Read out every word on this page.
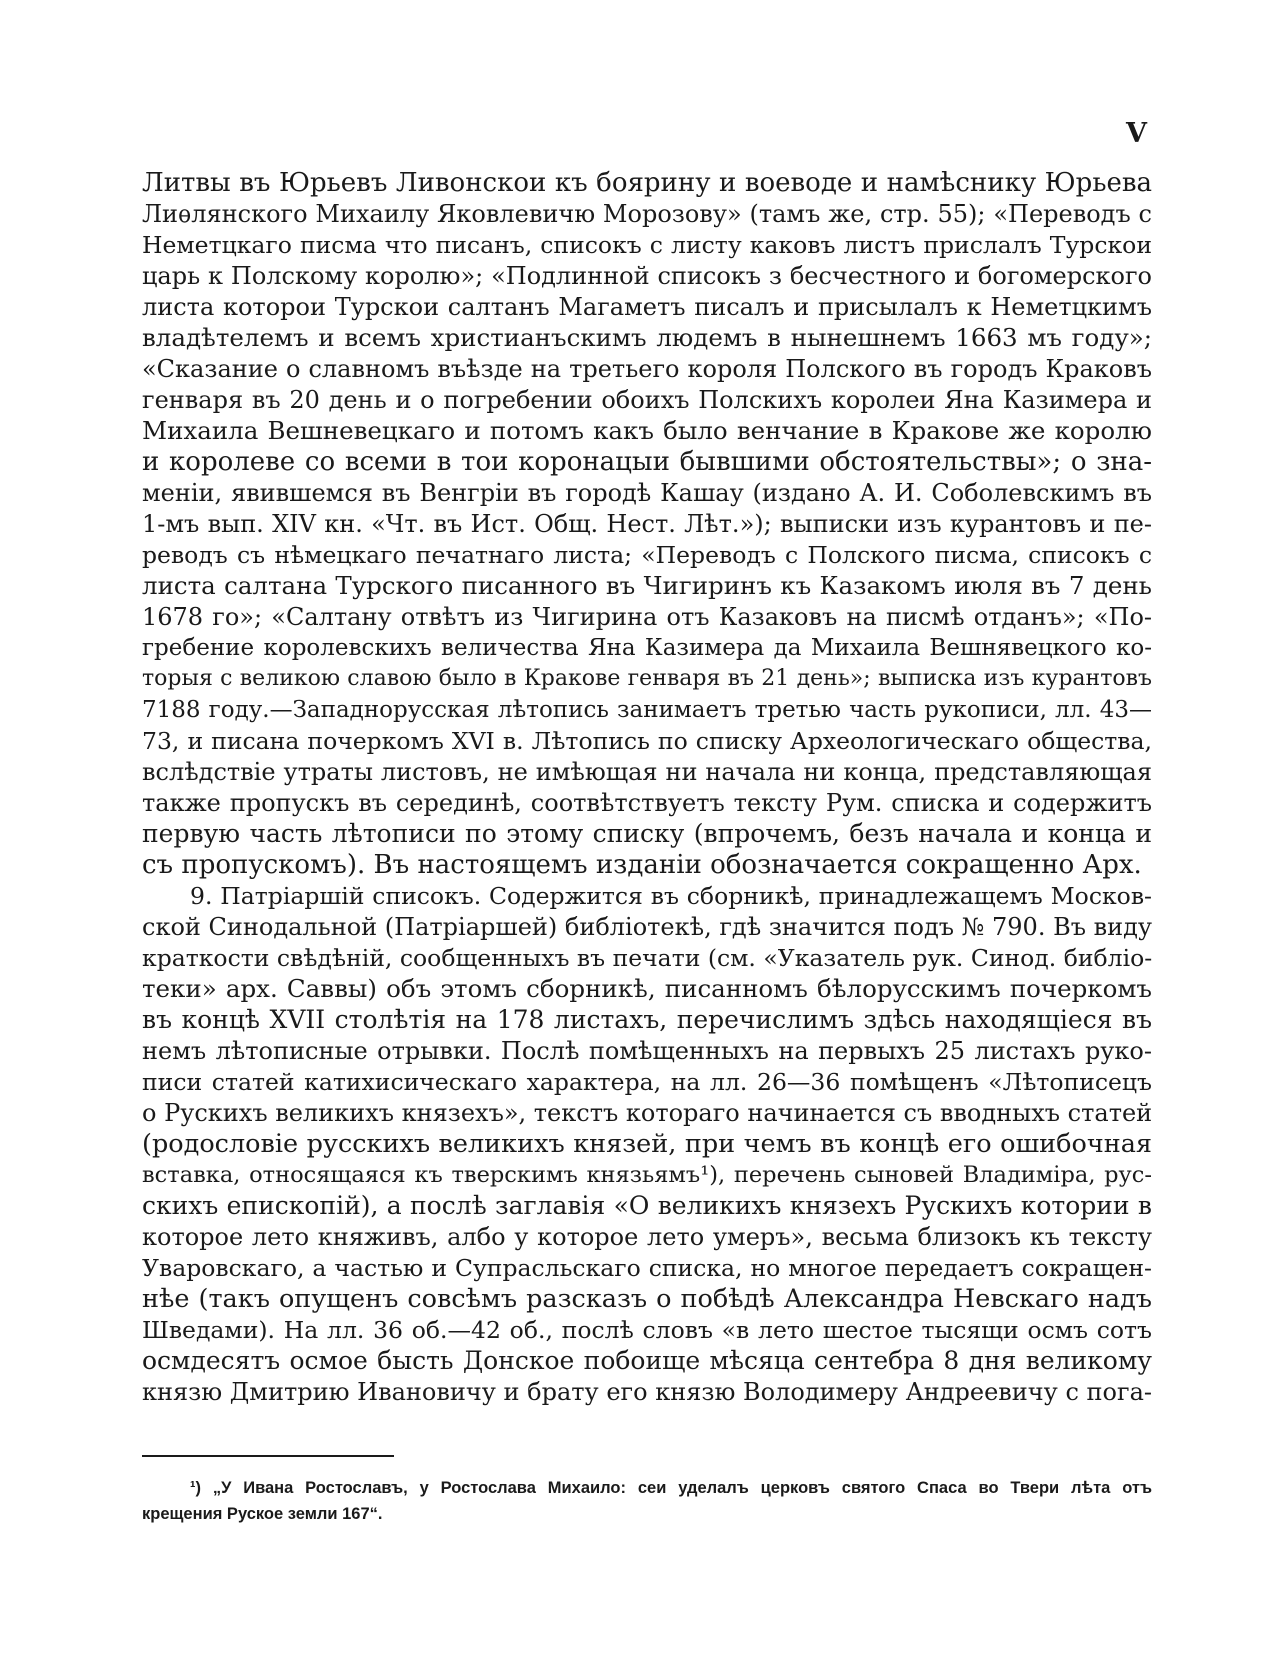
V
Литвы въ Юрьевъ Ливонскои къ боярину и воеводе и намѣснику Юрьева
Лиѳлянского Михаилу Яковлевичю Морозову» (тамъ же, стр. 55); «Переводъ с
Неметцкаго писма что писанъ, списокъ с листу каковъ листъ прислалъ Турскои
царь к Полскому королю»; «Подлинной списокъ з бесчестного и богомерского
листа которои Турскои салтанъ Магаметъ писалъ и присылалъ к Неметцкимъ
владѣтелемъ и всемъ христианъскимъ людемъ в нынешнемъ 1663 мъ году»;
«Сказание о славномъ въѣзде на третьего короля Полского въ городъ Краковъ
генваря въ 20 день и о погребении обоихъ Полскихъ королеи Яна Казимера и
Михаила Вешневецкаго и потомъ какъ было венчание в Кракове же королю
и королеве со всеми в тои коронацыи бывшими обстоятельствы»; о зна-
меніи, явившемся въ Венгріи въ городѣ Кашау (издано А. И. Соболевскимъ въ
1-мъ вып. XIV кн. «Чт. въ Ист. Общ. Нест. Лѣт.»); выписки изъ курантовъ и пе-
реводъ съ нѣмецкаго печатнаго листа; «Переводъ с Полского писма, списокъ с
листа салтана Турского писанного въ Чигиринъ къ Казакомъ июля въ 7 день
1678 го»; «Салтану отвѣтъ из Чигирина отъ Казаковъ на писмѣ отданъ»; «По-
гребение королевскихъ величества Яна Казимера да Михаила Вешнявецкого ко-
торыя с великою славою было в Кракове генваря въ 21 день»; выписка изъ курантовъ
7188 году.—Западнорусская лѣтопись занимаетъ третью часть рукописи, лл. 43—
73, и писана почеркомъ XVI в. Лѣтопись по списку Археологическаго общества,
вслѣдствіе утраты листовъ, не имѣющая ни начала ни конца, представляющая
также пропускъ въ серединѣ, соотвѣтствуетъ тексту Рум. списка и содержитъ
первую часть лѣтописи по этому списку (впрочемъ, безъ начала и конца и
съ пропускомъ). Въ настоящемъ изданіи обозначается сокращенно Арх.
9. Патріаршій списокъ. Содержится въ сборникѣ, принадлежащемъ Москов-
ской Синодальной (Патріаршей) библіотекѣ, гдѣ значится подъ № 790. Въ виду
краткости свѣдѣній, сообщенныхъ въ печати (см. «Указатель рук. Синод. библіо-
теки» арх. Саввы) объ этомъ сборникѣ, писанномъ бѣлорусскимъ почеркомъ
въ концѣ XVII столѣтія на 178 листахъ, перечислимъ здѣсь находящіеся въ
немъ лѣтописные отрывки. Послѣ помѣщенныхъ на первыхъ 25 листахъ руко-
писи статей катихисическаго характера, на лл. 26—36 помѣщенъ «Лѣтописецъ
о Рускихъ великихъ князехъ», текстъ котораго начинается съ вводныхъ статей
(родословіе русскихъ великихъ князей, при чемъ въ концѣ его ошибочная
вставка, относящаяся къ тверскимъ князьямъ¹), перечень сыновей Владиміра, рус-
скихъ епископій), а послѣ заглавія «О великихъ князехъ Рускихъ котории в
которое лето княживъ, албо у которое лето умеръ», весьма близокъ къ тексту
Уваровскаго, а частью и Супрасльскаго списка, но многое передаетъ сокращен-
нѣе (такъ опущенъ совсѣмъ разсказъ о побѣдѣ Александра Невскаго надъ
Шведами). На лл. 36 об.—42 об., послѣ словъ «в лето шестое тысящи осмъ сотъ
осмдесятъ осмое бысть Донское побоище мѣсяца сентебра 8 дня великому
князю Дмитрию Ивановичу и брату его князю Володимеру Андреевичу с пога-
¹) „У Ивана Ростославъ, у Ростослава Михаило: сеи уделалъ церковъ святого Спаса во Твери лѣта отъ
крещения Руское земли 167“.
